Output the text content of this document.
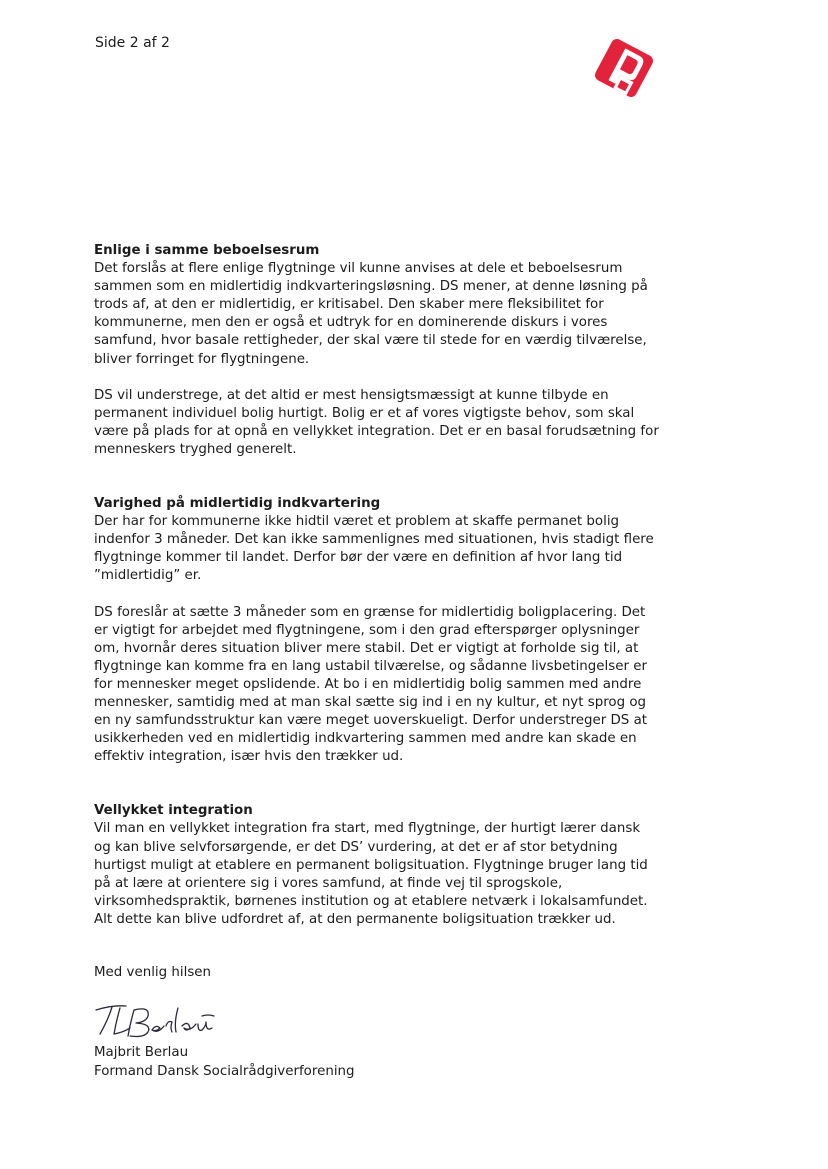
Side 2 af 2

Enlige i samme beboelsesrum

Det forslås at flere enlige flygtninge vil kunne anvises at dele et beboelsesrum
sammen som en midlertidig indkvarteringsløsning. DS mener, at denne løsning på
trods af, at den er midlertidig, er kritisabel. Den skaber mere fleksibilitet for
kommunerne, men den er også et udtryk for en dominerende diskurs i vores
samfund, hvor basale rettigheder, der skal være til stede for en værdig tilværelse,
bliver forringet for flygtningene.

DS vil understrege, at det altid er mest hensigtsmæssigt at kunne tilbyde en
permanent individuel bolig hurtigt. Bolig er et af vores vigtigste behov, som skal
være på plads for at opnå en vellykket integration. Det er en basal forudsætning for
menneskers tryghed generelt.

Varighed på midlertidig indkvartering

Der har for kommunerne ikke hidtil været et problem at skaffe permanet bolig
indenfor 3 måneder. Det kan ikke sammenlignes med situationen, hvis stadigt flere
flygtninge kommer til landet. Derfor bør der være en definition af hvor lang tid
”midlertidig” er.

DS foreslår at sætte 3 måneder som en grænse for midlertidig boligplacering. Det
er vigtigt for arbejdet med flygtningene, som i den grad efterspørger oplysninger
om, hvornår deres situation bliver mere stabil. Det er vigtigt at forholde sig til, at
flygtninge kan komme fra en lang ustabil tilværelse, og sådanne livsbetingelser er
for mennesker meget opslidende. At bo i en midlertidig bolig sammen med andre
mennesker, samtidig med at man skal sætte sig ind i en ny kultur, et nyt sprog og
en ny samfundsstruktur kan være meget uoverskueligt. Derfor understreger DS at
usikkerheden ved en midlertidig indkvartering sammen med andre kan skade en
effektiv integration, især hvis den trækker ud.

Vellykket integration

Vil man en vellykket integration fra start, med flygtninge, der hurtigt lærer dansk
og kan blive selvforsørgende, er det DS’ vurdering, at det er af stor betydning
hurtigst muligt at etablere en permanent boligsituation. Flygtninge bruger lang tid
på at lære at orientere sig i vores samfund, at finde vej til sprogskole,
virksomhedspraktik, børnenes institution og at etablere netværk i lokalsamfundet.
Alt dette kan blive udfordret af, at den permanente boligsituation trækker ud.

Med venlig hilsen
Majbrit Berlau
Formand Dansk Socialrådgiverforening
